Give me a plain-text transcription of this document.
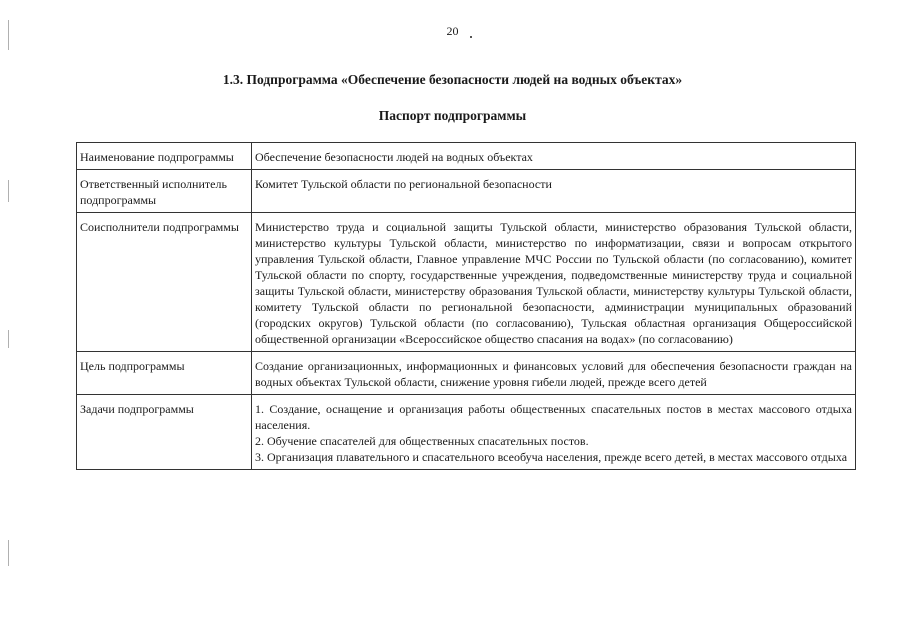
20
1.3. Подпрограмма «Обеспечение безопасности людей на водных объектах»
Паспорт подпрограммы
Наименование подпрограммы	Обеспечение безопасности людей на водных объектах
Ответственный исполнитель подпрограммы	Комитет Тульской области по региональной безопасности
Соисполнители подпрограммы	Министерство труда и социальной защиты Тульской области, министерство образования Тульской области, министерство культуры Тульской области, министерство по информатизации, связи и вопросам открытого управления Тульской области, Главное управление МЧС России по Тульской области (по согласованию), комитет Тульской области по спорту, государственные учреждения, подведомственные министерству труда и социальной защиты Тульской области, министерству образования Тульской области, министерству культуры Тульской области, комитету Тульской области по региональной безопасности, администрации муниципальных образований (городских округов) Тульской области (по согласованию), Тульская областная организация Общероссийской общественной организации «Всероссийское общество спасания на водах» (по согласованию)
Цель подпрограммы	Создание организационных, информационных и финансовых условий для обеспечения безопасности граждан на водных объектах Тульской области, снижение уровня гибели людей, прежде всего детей
Задачи подпрограммы	1. Создание, оснащение и организация работы общественных спасательных постов в местах массового отдыха населения.

2. Обучение спасателей для общественных спасательных постов.

3. Организация плавательного и спасательного всеобуча населения, прежде всего детей, в местах массового отдыха
